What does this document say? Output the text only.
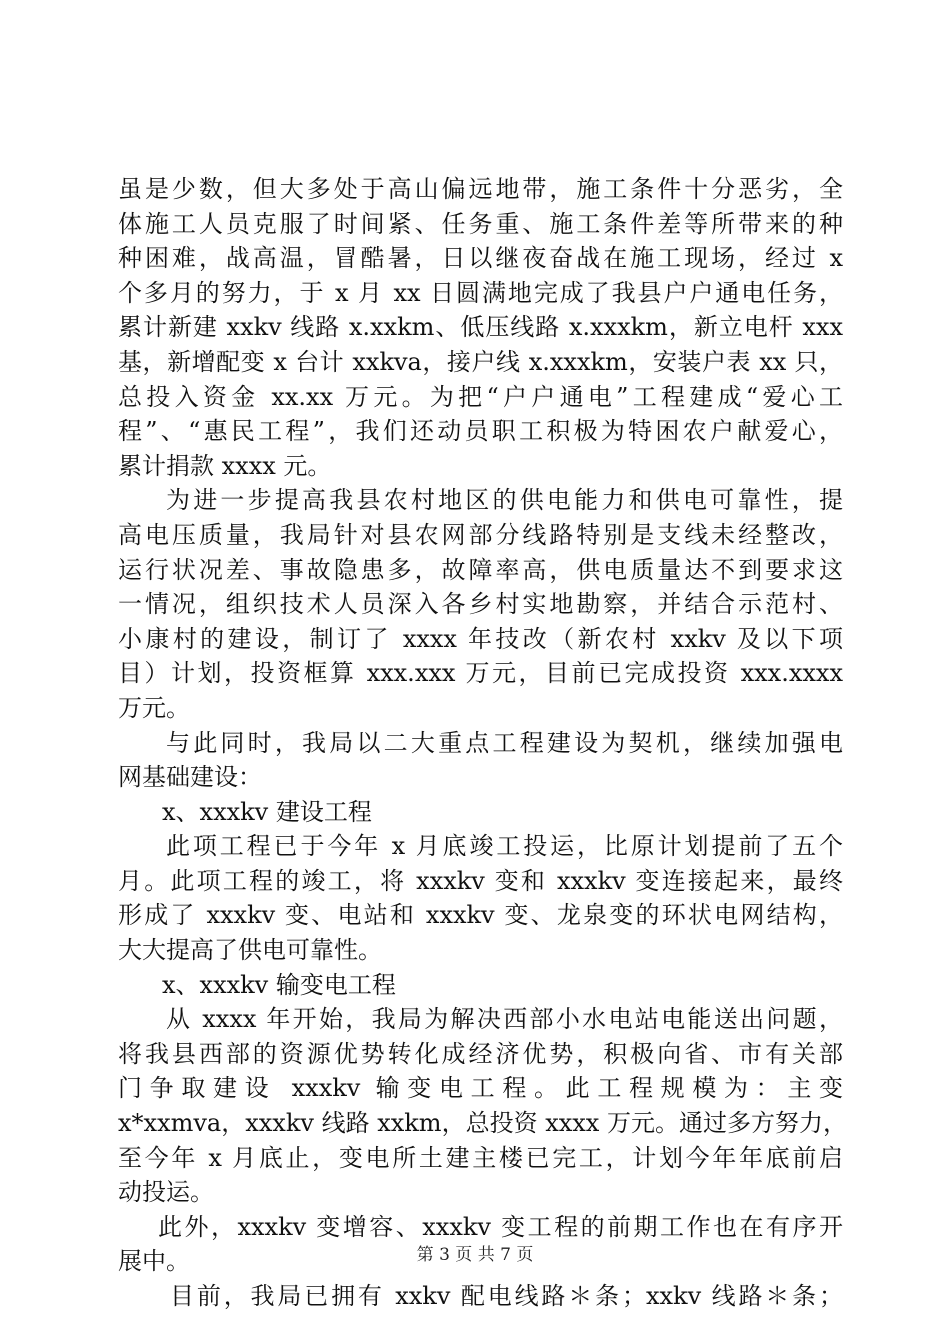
虽是少数，但大多处于高山偏远地带，施工条件十分恶劣，全
体施工人员克服了时间紧、任务重、施工条件差等所带来的种
种困难，战高温，冒酷暑，日以继夜奋战在施工现场，经过 x
个多月的努力，于 x 月 xx 日圆满地完成了我县户户通电任务，
累计新建 xxkv 线路 x.xxkm、低压线路 x.xxxkm，新立电杆 xxx
基，新增配变 x 台计 xxkva，接户线 x.xxxkm，安装户表 xx 只，
总投入资金 xx.xx 万元。为把“户户通电”工程建成“爱心工
程”、“惠民工程”，我们还动员职工积极为特困农户献爱心，
累计捐款 xxxx 元。
为进一步提高我县农村地区的供电能力和供电可靠性，提
高电压质量，我局针对县农网部分线路特别是支线未经整改，
运行状况差、事故隐患多，故障率高，供电质量达不到要求这
一情况，组织技术人员深入各乡村实地勘察，并结合示范村、
小康村的建设，制订了 xxxx 年技改（新农村 xxkv 及以下项
目）计划，投资框算 xxx.xxx 万元，目前已完成投资 xxx.xxxx
万元。
与此同时，我局以二大重点工程建设为契机，继续加强电
网基础建设：
x、xxxkv 建设工程
此项工程已于今年 x 月底竣工投运，比原计划提前了五个
月。此项工程的竣工，将 xxxkv 变和 xxxkv 变连接起来，最终
形成了 xxxkv 变、电站和 xxxkv 变、龙泉变的环状电网结构，
大大提高了供电可靠性。
x、xxxkv 输变电工程
从 xxxx 年开始，我局为解决西部小水电站电能送出问题，
将我县西部的资源优势转化成经济优势，积极向省、市有关部
门争取建设 xxxkv 输变电工程。此工程规模为：主变
x*xxmva，xxxkv 线路 xxkm，总投资 xxxx 万元。通过多方努力，
至今年 x 月底止，变电所土建主楼已完工，计划今年年底前启
动投运。
此外，xxxkv 变增容、xxxkv 变工程的前期工作也在有序开
展中。
目前，我局已拥有 xxkv 配电线路＊条；xxkv 线路＊条；
第 3 页 共 7 页
